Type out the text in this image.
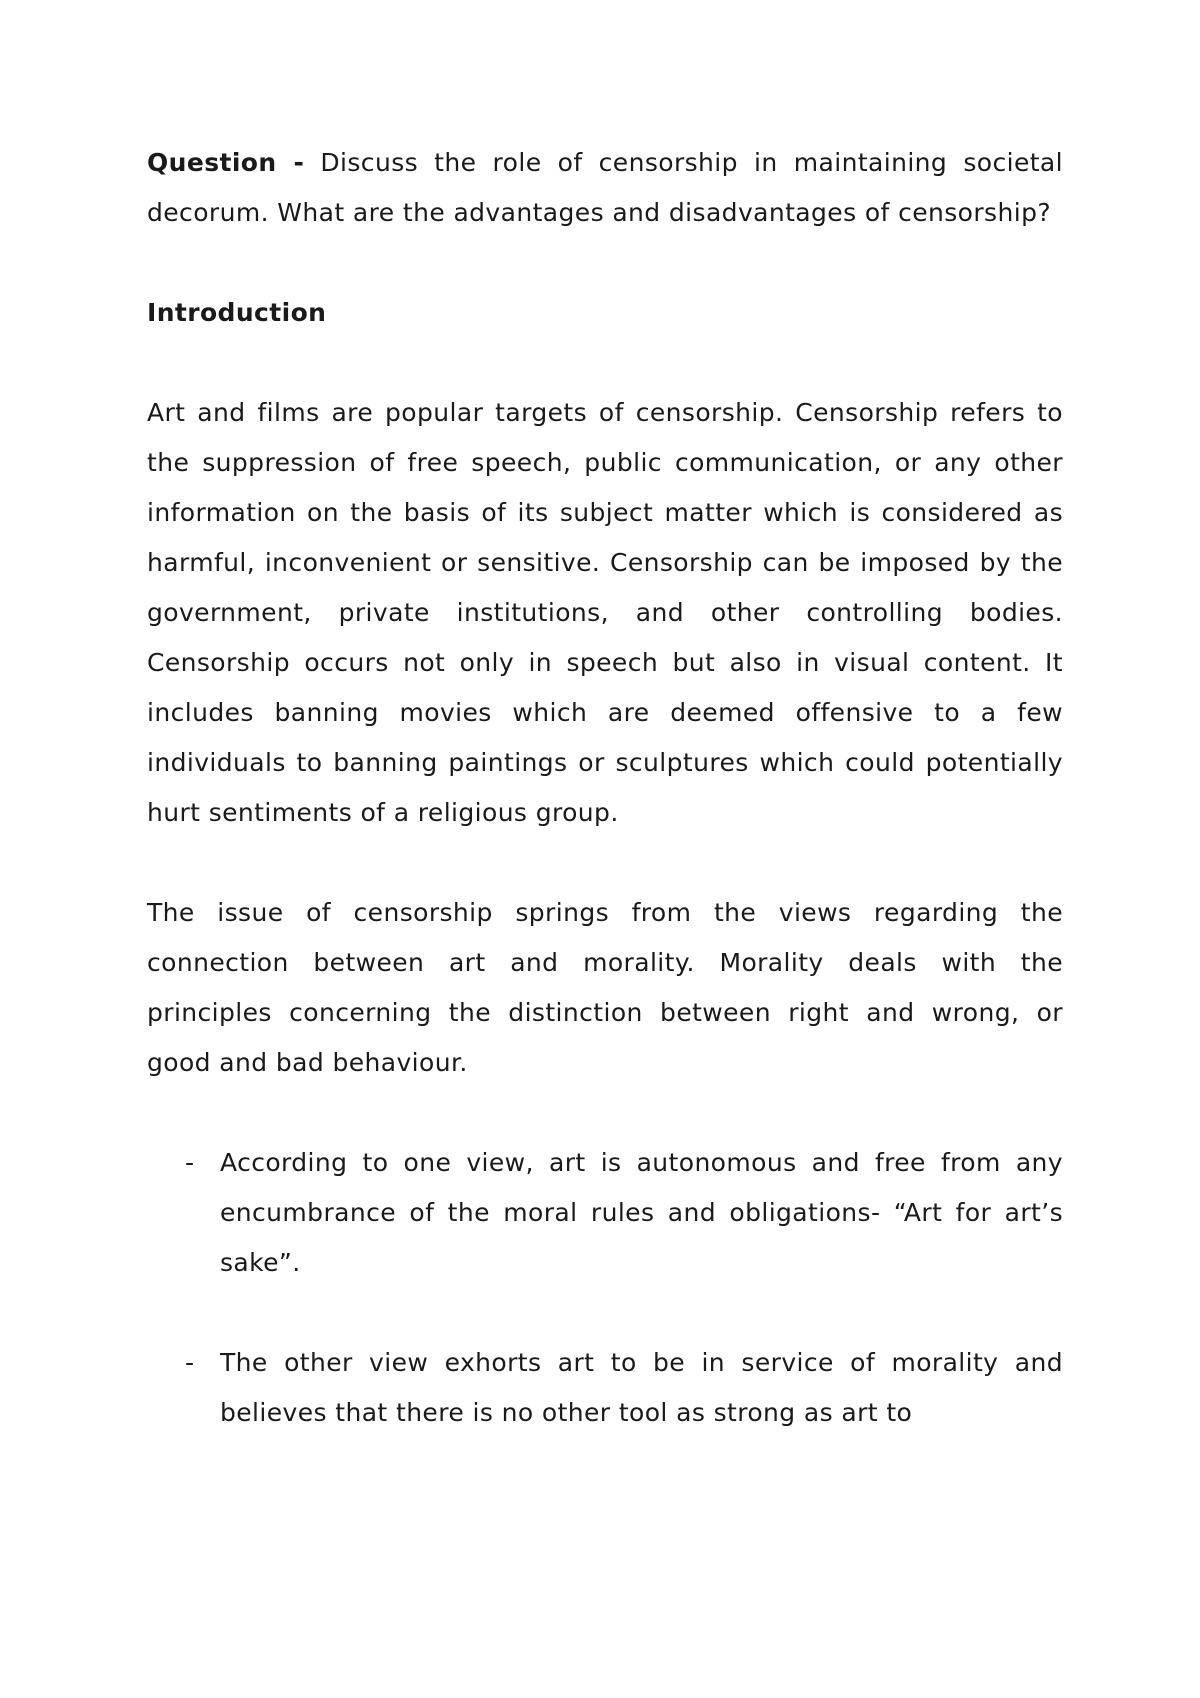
Question - Discuss the role of censorship in maintaining societal decorum. What are the advantages and disadvantages of censorship?

Introduction

Art and films are popular targets of censorship. Censorship refers to the suppression of free speech, public communication, or any other information on the basis of its subject matter which is considered as harmful, inconvenient or sensitive. Censorship can be imposed by the government, private institutions, and other controlling bodies. Censorship occurs not only in speech but also in visual content. It includes banning movies which are deemed offensive to a few individuals to banning paintings or sculptures which could potentially hurt sentiments of a religious group.

The issue of censorship springs from the views regarding the connection between art and morality. Morality deals with the principles concerning the distinction between right and wrong, or good and bad behaviour.

- According to one view, art is autonomous and free from any encumbrance of the moral rules and obligations- “Art for art’s sake”.
- The other view exhorts art to be in service of morality and believes that there is no other tool as strong as art to
